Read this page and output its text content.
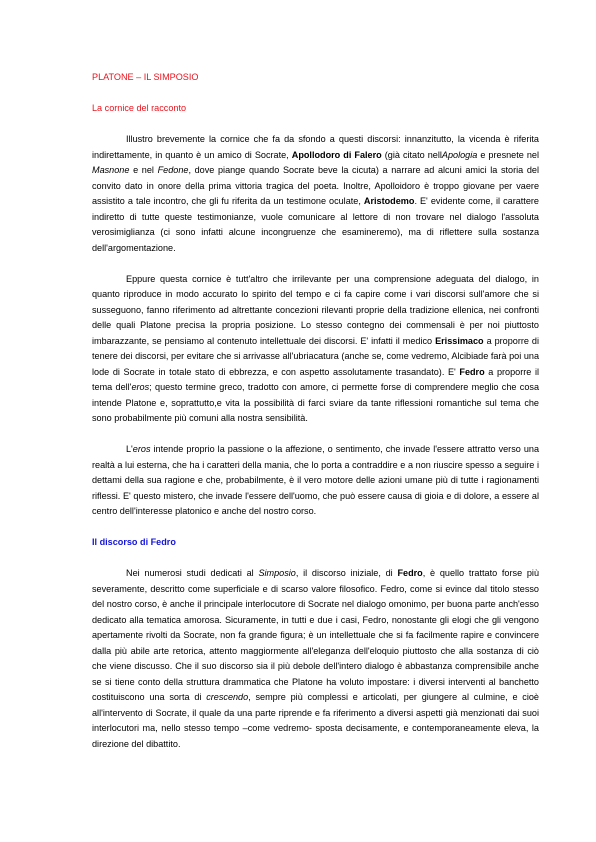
PLATONE – IL SIMPOSIO
La cornice del racconto

Illustro brevemente la cornice che fa da sfondo a questi discorsi: innanzitutto, la vicenda è riferita indirettamente, in quanto è un amico di Socrate, Apollodoro di Falero (già citato nellApologia e presnete nel Masnone e nel Fedone, dove piange quando Socrate beve la cicuta) a narrare ad alcuni amici la storia del convito dato in onore della prima vittoria tragica del poeta. Inoltre, Apolloidoro è troppo giovane per vaere assistito a tale incontro, che gli fu riferita da un testimone oculate, Aristodemo. E' evidente come, il carattere indiretto di tutte queste testimonianze, vuole comunicare al lettore di non trovare nel dialogo l'assoluta verosimiglianza (ci sono infatti alcune incongruenze che esamineremo), ma di riflettere sulla sostanza dell'argomentazione.

Eppure questa cornice è tutt'altro che irrilevante per una comprensione adeguata del dialogo, in quanto riproduce in modo accurato lo spirito del tempo e ci fa capire come i vari discorsi sull'amore che si susseguono, fanno riferimento ad altrettante concezioni rilevanti proprie della tradizione ellenica, nei confronti delle quali Platone precisa la propria posizione. Lo stesso contegno dei commensali è per noi piuttosto imbarazzante, se pensiamo al contenuto intellettuale dei discorsi. E' infatti il medico Erissimaco a proporre di tenere dei discorsi, per evitare che si arrivasse all'ubriacatura (anche se, come vedremo, Alcibiade farà poi una lode di Socrate in totale stato di ebbrezza, e con aspetto assolutamente trasandato). E' Fedro a proporre il tema dell'eros; questo termine greco, tradotto con amore, ci permette forse di comprendere meglio che cosa intende Platone e, soprattutto,e vita la possibilità di farci sviare da tante riflessioni romantiche sul tema che sono probabilmente più comuni alla nostra sensibilità.

L'eros intende proprio la passione o la affezione, o sentimento, che invade l'essere attratto verso una realtà a lui esterna, che ha i caratteri della mania, che lo porta a contraddire e a non riuscire spesso a seguire i dettami della sua ragione e che, probabilmente, è il vero motore delle azioni umane più di tutte i ragionamenti riflessi. E' questo mistero, che invade l'essere dell'uomo, che può essere causa di gioia e di dolore, a essere al centro dell'interesse platonico e anche del nostro corso.

Il discorso di Fedro

Nei numerosi studi dedicati al Simposio, il discorso iniziale, di Fedro, è quello trattato forse più severamente, descritto come superficiale e di scarso valore filosofico. Fedro, come si evince dal titolo stesso del nostro corso, è anche il principale interlocutore di Socrate nel dialogo omonimo, per buona parte anch'esso dedicato alla tematica amorosa. Sicuramente, in tutti e due i casi, Fedro, nonostante gli elogi che gli vengono apertamente rivolti da Socrate, non fa grande figura; è un intellettuale che si fa facilmente rapire e convincere dalla più abile arte retorica, attento maggiormente all'eleganza dell'eloquio piuttosto che alla sostanza di ciò che viene discusso. Che il suo discorso sia il più debole dell'intero dialogo è abbastanza comprensibile anche se si tiene conto della struttura drammatica che Platone ha voluto impostare: i diversi interventi al banchetto costituiscono una sorta di crescendo, sempre più complessi e articolati, per giungere al culmine, e cioè all'intervento di Socrate, il quale da una parte riprende e fa riferimento a diversi aspetti già menzionati dai suoi interlocutori ma, nello stesso tempo –come vedremo- sposta decisamente, e contemporaneamente eleva, la direzione del dibattito.
